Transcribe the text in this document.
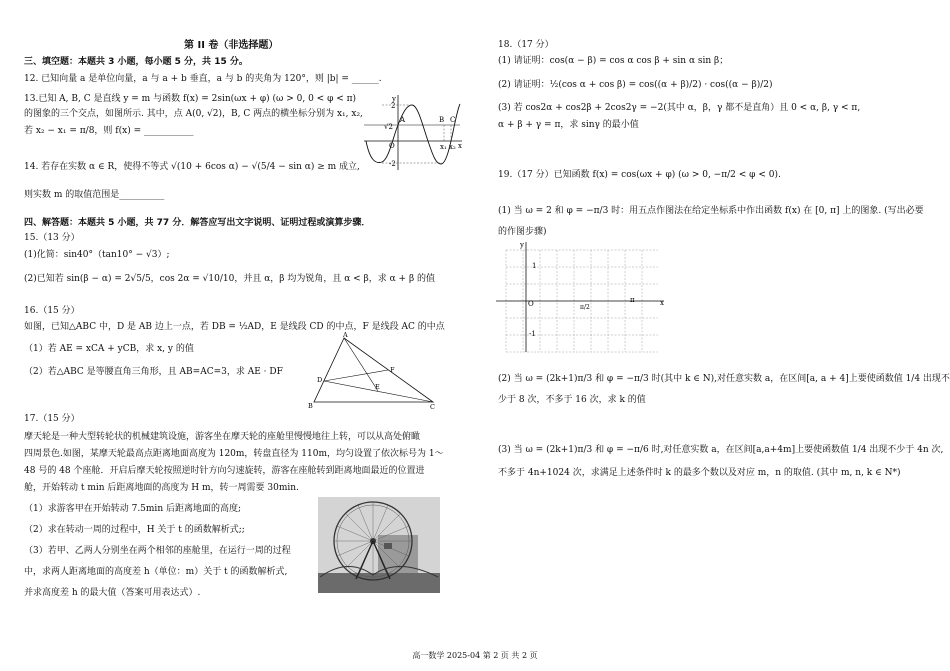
第 II 卷（非选择题）
三、填空题：本题共 3 小题，每小题 5 分，共 15 分。
12. 已知向量 a 是单位向量，a 与 a + b 垂直，a 与 b 的夹角为 120°，则 |b| = ______.
13.已知 A, B, C 是直线 y = m 与函数 f(x) = 2sin(ωx + φ) (ω > 0, 0 < φ < π)
的图象的三个交点，如图所示. 其中，点 A(0, √2)，B, C 两点的横坐标分别为 x₁, x₂,
若 x₂ − x₁ = π/8，则 f(x) = ___________
14. 若存在实数 α ∈ R，使得不等式 √(10 + 6cos α) − √(5/4 − sin α) ≥ m 成立,
则实数 m 的取值范围是__________
四、解答题：本题共 5 小题，共 77 分．解答应写出文字说明、证明过程或演算步骤．
15.（13 分）
(1)化简：sin40°（tan10° − √3）;
(2)已知若 sin(β − α) = 2√5/5，cos 2α = √10/10，并且 α，β 均为锐角，且 α < β，求 α + β 的值
16.（15 分）
如图，已知△ABC 中，D 是 AB 边上一点，若 DB = ½AD，E 是线段 CD 的中点，F 是线段 AC 的中点
（1）若 AE = xCA + yCB，求 x, y 的值
（2）若△ABC 是等腰直角三角形，且 AB=AC=3，求 AE · DF
17.（15 分）
摩天轮是一种大型转轮状的机械建筑设施，游客坐在摩天轮的座舱里慢慢地往上转，可以从高处俯瞰
四周景色.如图，某摩天轮最高点距离地面高度为 120m，转盘直径为 110m，均匀设置了依次标号为 1～
48 号的 48 个座舱．开启后摩天轮按照逆时针方向匀速旋转，游客在座舱转到距离地面最近的位置进
舱，开始转动 t min 后距离地面的高度为 H m，转一周需要 30min.
（1）求游客甲在开始转动 7.5min 后距离地面的高度;
（2）求在转动一周的过程中，H 关于 t 的函数解析式;;
（3）若甲、乙两人分别坐在两个相邻的座舱里，在运行一周的过程
中，求两人距离地面的高度差 h（单位：m）关于 t 的函数解析式,
并求高度差 h 的最大值（答案可用表达式）.
y
2
√2
O
-2
A	B C
x₁ x₂ x
A
B	C
D
E
F
18.（17 分）
(1) 请证明：cos(α − β) = cos α cos β + sin α sin β；
(2) 请证明：½(cos α + cos β) = cos((α + β)/2) · cos((α − β)/2)
(3) 若 cos2α + cos2β + 2cos2γ = −2(其中 α，β，γ 都不是直角）且 0 < α, β, γ < π,
α + β + γ = π，求 sinγ 的最小值
19.（17 分）已知函数 f(x) = cos(ωx + φ) (ω > 0, −π/2 < φ < 0).
(1) 当 ω = 2 和 φ = −π/3 时：用五点作图法在给定坐标系中作出函数 f(x) 在 [0, π] 上的图象. (写出必要
的作图步骤)
(2) 当 ω = (2k+1)π/3 和 φ = −π/3 时(其中 k ∈ N),对任意实数 a，在区间[a, a + 4]上要使函数值 1/4 出现不
少于 8 次，不多于 16 次，求 k 的值
(3) 当 ω = (2k+1)π/3 和 φ = −π/6 时,对任意实数 a，在区间[a,a+4m]上要使函数值 1/4 出现不少于 4n 次,
不多于 4n+1024 次，求满足上述条件时 k 的最多个数以及对应 m，n 的取值. (其中 m, n, k ∈ N*)
y
x
O
1
-1
π/2
π
高一数学 2025-04 第 2 页 共 2 页
